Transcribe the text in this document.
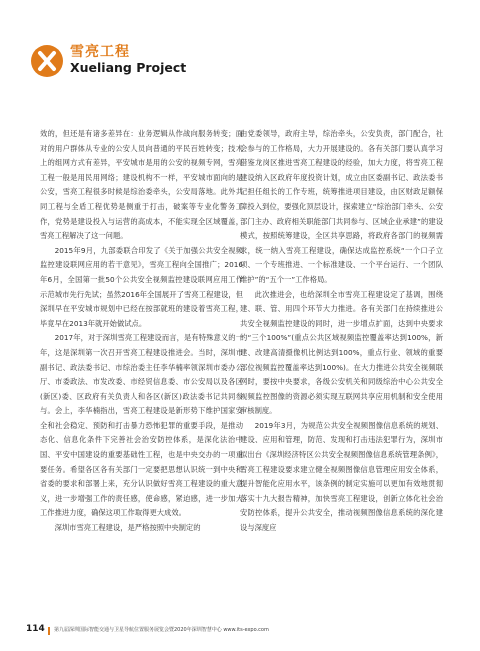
雪亮工程
Xueliang Project

效的，但还是有诸多差异在：业务逻辑从作战向服务转变；面对的用户群体从专业的公安人员向普通的平民百姓转变；技术上的组网方式有差异，平安城市是用的公安的视频专网，雪亮工程一般是用民用网络；建设机构不一样，平安城市面向的是公安，雪亮工程很多时候是综治委牵头，公安局落地。此外共同工程与全盾工程优势是侧重于打击，破案等专业化警务工作，党势是建设投入与运营的高成本，不能实现全区域覆盖，雪亮工程解决了这一问题。

2015年9月，九部委联合印发了《关于加强公共安全视频监控建设联网应用的若干意见》，雪亮工程向全国推广；2016年6月，全国第一批50个公共安全视频监控建设联网应用工作示范城市先行先试；虽然2016年全国展开了雪亮工程建设，但深圳早在平安城市规划中已经在按部就班的建设着雪亮工程，毕竟早在2013年就开始做试点。

2017年，对于深圳雪亮工程建设而言，是有特殊意义的一年，这是深圳第一次召开雪亮工程建设推进会。当时，深圳市副书记、政法委书记、市综治委主任李华楠率领深圳市委办公厅、市委政法、市发改委、市经贸信息委、市公安局以及各区(新区)委、区政府有关负责人和各区(新区)政法委书记共同参与。会上，李华楠指出，雪亮工程建设是新形势下维护国家安全和社会稳定、预防和打击暴力恐怖犯罪的重要手段，是推动态化、信息化条件下完善社会治安防控体系，是深化法治中国、平安中国建设的重要基础性工程，也是中央交办的一项重要任务。希望各区各有关部门一定要把思想认识统一到中央和省委的要求和部署上来，充分认识做好雪亮工程建设的重大意义，进一步增强工作的责任感，使命感，紧迫感，进一步加大工作推进力度，确保这项工作取得更大成效。

深圳市雪亮工程建设，是严格按照中央制定的

由党委领导，政府主导，综治牵头，公安负责，部门配合，社会参与的工作格局，大力开展建设的。各有关部门要认真学习借鉴龙岗区推进雪亮工程建设的经验，加大力度，将雪亮工程建设纳入区政府年度投资计划，成立由区委副书记、政法委书记担任组长的工作专班，统筹推进项目建设，由区财政足额保障投入到位，要强化顶层设计，探索建立“综治部门牵头、公安部门主办、政府相关职能部门共同参与、区域企业承建”的建设模式，按照统筹建设，全区共享思路，将政府各部门的视频需求，统一纳入雪亮工程建设，确保达成监控系统“一个口子立项、一个专班推进、一个标准建设、一个平台运行、一个团队维护”的“五个一”工作格局。

此次推进会，也给深圳全市雪亮工程建设定了基调，围绕建、联、管、用四个环节大力推进。各有关部门在持续推进公共安全视频监控建设的同时，进一步增点扩面，达到中央要求的“三个100%”(重点公共区域视频监控覆盖率达到100%，新建、改建高清摄像机比例达到100%，重点行业、领域的重要部位视频监控覆盖率达到100%)。在大力推进公共安全视频联网时，要按中央要求，各级公安机关和同级综治中心公共安全视频监控图像的资源必须实现互联网共享应用机制和安全使用审核制度。

2019年3月，为规范公共安全视频图像信息系统的规划、建设、应用和管理，防范、发现和打击违法犯罪行为，深圳市拟出台《深圳经济特区公共安全视频图像信息系统管理条例》，雪亮工程建设要求建立健全视频图像信息管理应用安全体系，提升智能化应用水平，该条例的制定实施可以更加有效地贯彻落实十九大报告精神，加快雪亮工程建设，创新立体化社会治安防控体系，提升公共安全，推动视频图像信息系统的深化建设与深度应

114 第九届深圳国际智能交通与卫星导航位置服务展览会暨2020年深圳智慧中心 www.its-expo.com
